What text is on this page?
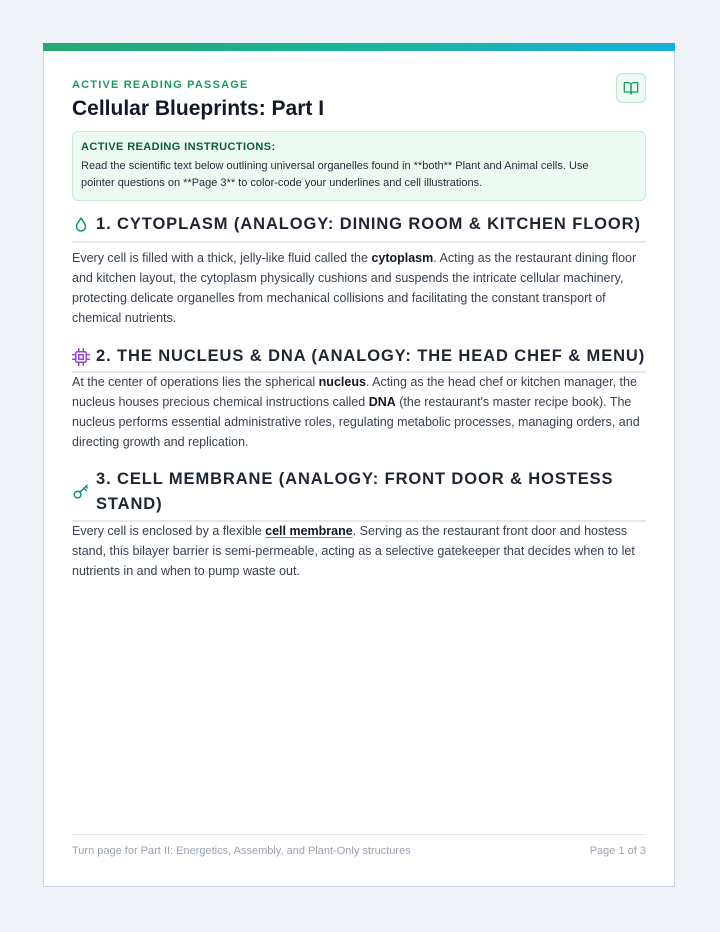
ACTIVE READING PASSAGE
Cellular Blueprints: Part I
ACTIVE READING INSTRUCTIONS:
Read the scientific text below outlining universal organelles found in **both** Plant and Animal cells. Use
pointer questions on **Page 3** to color-code your underlines and cell illustrations.
1. CYTOPLASM (ANALOGY: DINING ROOM & KITCHEN FLOOR)

Every cell is filled with a thick, jelly-like fluid called the cytoplasm. Acting as the restaurant dining floor and kitchen layout, the cytoplasm physically cushions and suspends the intricate cellular machinery, protecting delicate organelles from mechanical collisions and facilitating the constant transport of chemical nutrients.

2. THE NUCLEUS & DNA (ANALOGY: THE HEAD CHEF & MENU)

At the center of operations lies the spherical nucleus. Acting as the head chef or kitchen manager, the nucleus houses precious chemical instructions called DNA (the restaurant's master recipe book). The nucleus performs essential administrative roles, regulating metabolic processes, managing orders, and directing growth and replication.

3. CELL MEMBRANE (ANALOGY: FRONT DOOR & HOSTESS STAND)

Every cell is enclosed by a flexible cell membrane. Serving as the restaurant front door and hostess stand, this bilayer barrier is semi-permeable, acting as a selective gatekeeper that decides when to let nutrients in and when to pump waste out.

Turn page for Part II: Energetics, Assembly, and Plant-Only structures	Page 1 of 3
